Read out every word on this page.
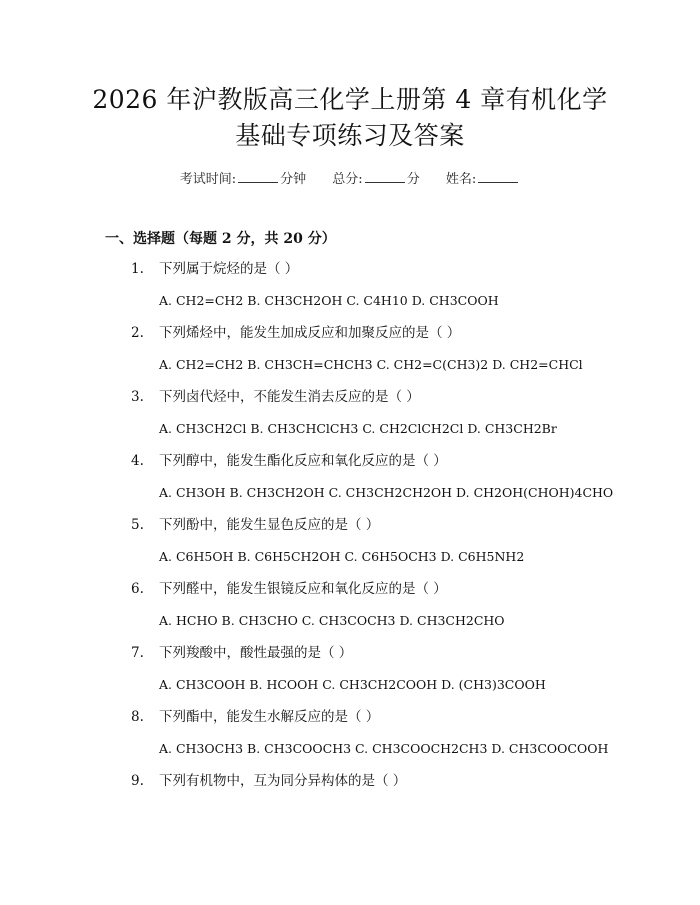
2026 年沪教版高三化学上册第 4 章有机化学
基础专项练习及答案
考试时间:	分钟 总分:	分 姓名:
一、选择题（每题 2 分，共 20 分）
1. 下列属于烷烃的是（ ）
A. CH2=CH2 B. CH3CH2OH C. C4H10 D. CH3COOH
2. 下列烯烃中，能发生加成反应和加聚反应的是（ ）
A. CH2=CH2 B. CH3CH=CHCH3 C. CH2=C(CH3)2 D. CH2=CHCl
3. 下列卤代烃中，不能发生消去反应的是（ ）
A. CH3CH2Cl B. CH3CHClCH3 C. CH2ClCH2Cl D. CH3CH2Br
4. 下列醇中，能发生酯化反应和氧化反应的是（ ）
A. CH3OH B. CH3CH2OH C. CH3CH2CH2OH D. CH2OH(CHOH)4CHO
5. 下列酚中，能发生显色反应的是（ ）
A. C6H5OH B. C6H5CH2OH C. C6H5OCH3 D. C6H5NH2
6. 下列醛中，能发生银镜反应和氧化反应的是（ ）
A. HCHO B. CH3CHO C. CH3COCH3 D. CH3CH2CHO
7. 下列羧酸中，酸性最强的是（ ）
A. CH3COOH B. HCOOH C. CH3CH2COOH D. (CH3)3COOH
8. 下列酯中，能发生水解反应的是（ ）
A. CH3OCH3 B. CH3COOCH3 C. CH3COOCH2CH3 D. CH3COOCOOH
9. 下列有机物中，互为同分异构体的是（ ）
